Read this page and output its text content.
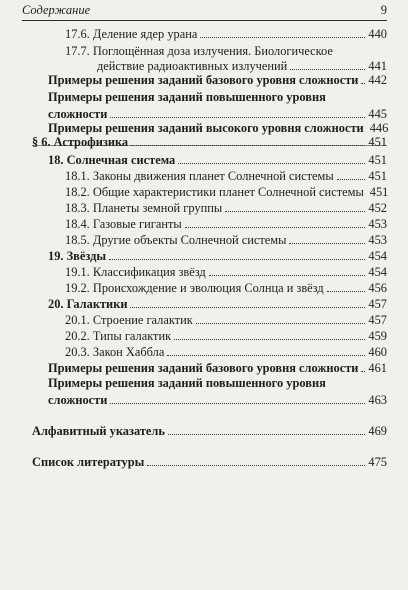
Содержание	9
17.6. Деление ядер урана	440
17.7. Поглощённая доза излучения. Биологическое
действие радиоактивных излучений	441
Примеры решения заданий базового уровня сложности 442
Примеры решения заданий повышенного уровня
сложности	445
Примеры решения заданий высокого уровня сложности 446
§ 6. Астрофизика	451
18. Солнечная система	451
18.1. Законы движения планет Солнечной системы	451
18.2. Общие характеристики планет Солнечной системы 451
18.3. Планеты земной группы	452
18.4. Газовые гиганты	453
18.5. Другие объекты Солнечной системы	453
19. Звёзды	454
19.1. Классификация звёзд	454
19.2. Происхождение и эволюция Солнца и звёзд	456
20. Галактики	457
20.1. Строение галактик	457
20.2. Типы галактик	459
20.3. Закон Хаббла	460
Примеры решения заданий базового уровня сложности 461
Примеры решения заданий повышенного уровня
сложности	463
Алфавитный указатель	469
Список литературы	475
